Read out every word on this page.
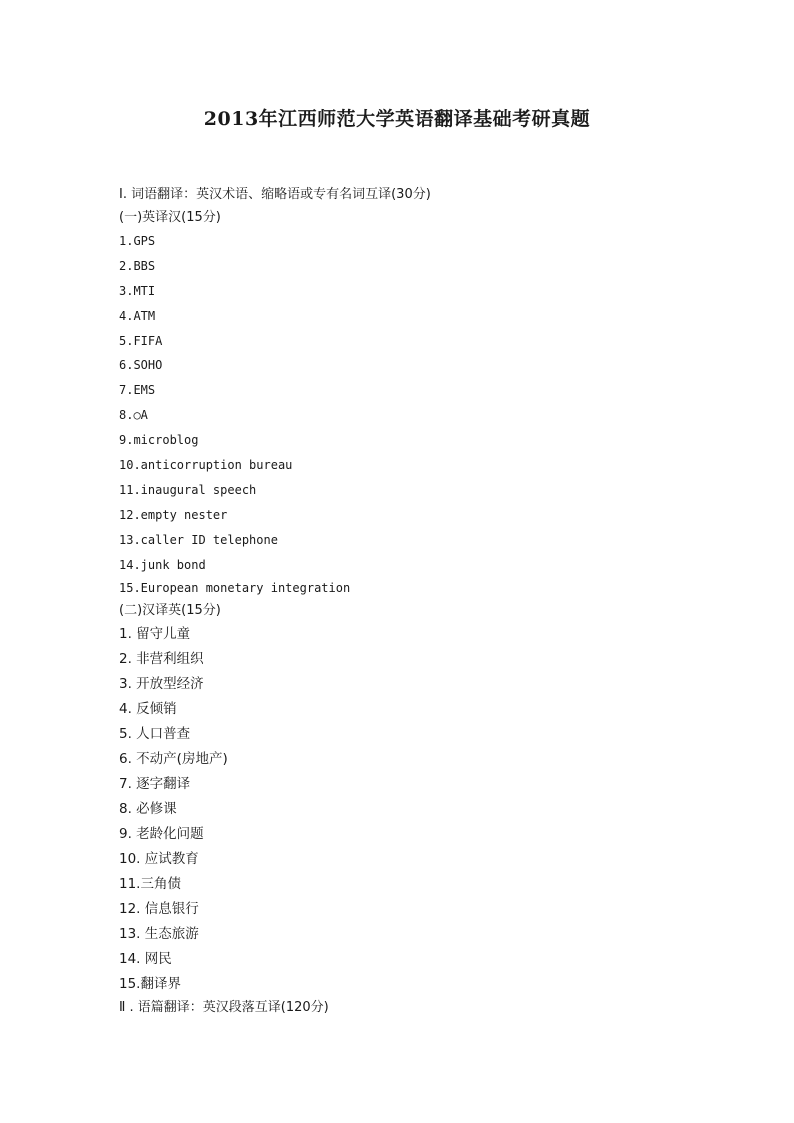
2013年江西师范大学英语翻译基础考研真题
I. 词语翻译：英汉术语、缩略语或专有名词互译(30分)
(一)英译汉(15分)
1.GPS
2.BBS
3.MTI
4.ATM
5.FIFA
6.SOHO
7.EMS
8.○A
9.microblog
10.anticorruption bureau
11.inaugural speech
12.empty nester
13.caller ID telephone
14.junk bond
15.European monetary integration
(二)汉译英(15分)
1. 留守儿童
2. 非营利组织
3. 开放型经济
4. 反倾销
5. 人口普查
6. 不动产(房地产)
7. 逐字翻译
8. 必修课
9. 老龄化问题
10. 应试教育
11.三角债
12. 信息银行
13. 生态旅游
14. 网民
15.翻译界
Ⅱ . 语篇翻译：英汉段落互译(120分)
